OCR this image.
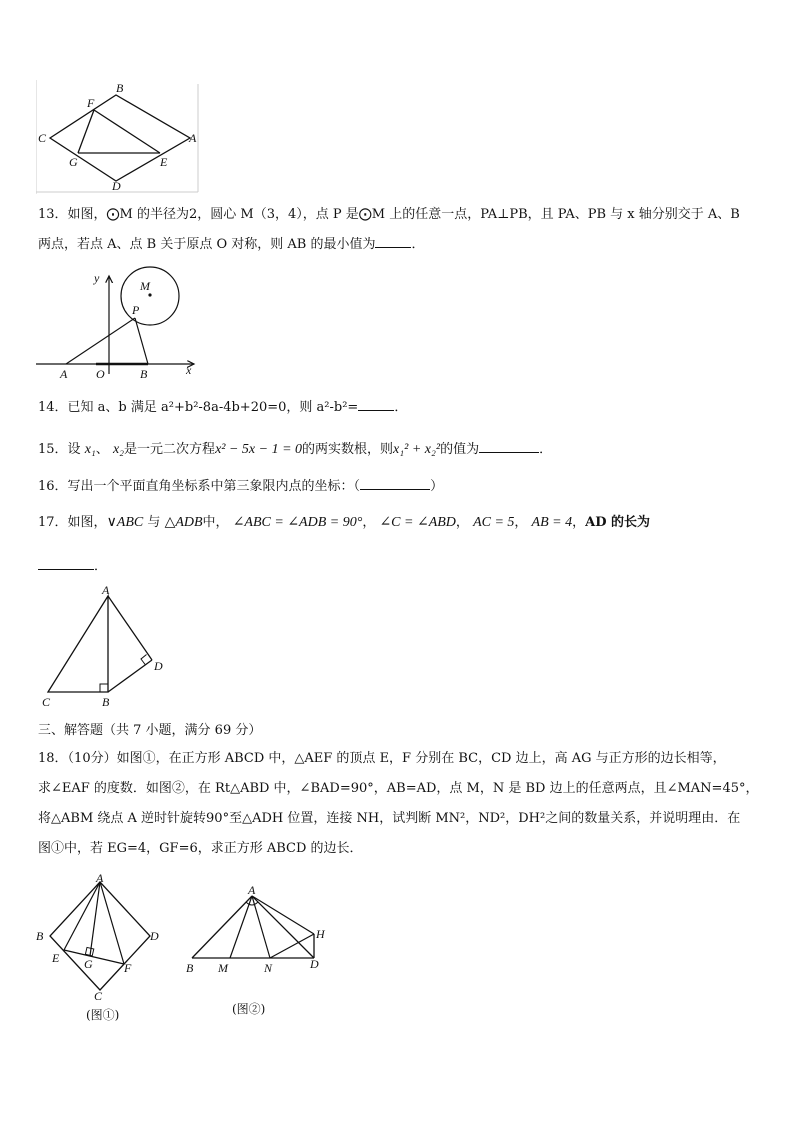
B
F
C	A
G	E
D

13．如图，⨀M 的半径为2，圆心 M（3，4），点 P 是⨀M 上的任意一点，PA⊥PB，且 PA、PB 与 x 轴分别交于 A、B

两点，若点 A、点 B 关于原点 O 对称，则 AB 的最小值为	．

y
M
P
A O	B	x

14．已知 a、b 满足 a²+b²-8a-4b+20=0，则 a²-b²=	．

15．设 x₁、 x₂是一元二次方程x² − 5x − 1 = 0的两实数根，则x₁² + x₂²的值为	．

16．写出一个平面直角坐标系中第三象限内点的坐标：（	）

17．如图，∨ABC 与 △ADB中， ∠ABC = ∠ADB = 90°， ∠C = ∠ABD， AC = 5， AB = 4，AD 的长为

．

A
D
C	B

三、解答题（共 7 小题，满分 69 分）

18．（10分）如图①，在正方形 ABCD 中，△AEF 的顶点 E，F 分别在 BC，CD 边上，高 AG 与正方形的边长相等，

求∠EAF 的度数．如图②，在 Rt△ABD 中，∠BAD=90°，AB=AD，点 M，N 是 BD 边上的任意两点，且∠MAN=45°，

将△ABM 绕点 A 逆时针旋转90°至△ADH 位置，连接 NH，试判断 MN²，ND²，DH²之间的数量关系，并说明理由．在

图①中，若 EG=4，GF=6，求正方形 ABCD 的边长．

A
B	D
E G	F
C
(图①)
A
H
B M	N	D
(图②)
